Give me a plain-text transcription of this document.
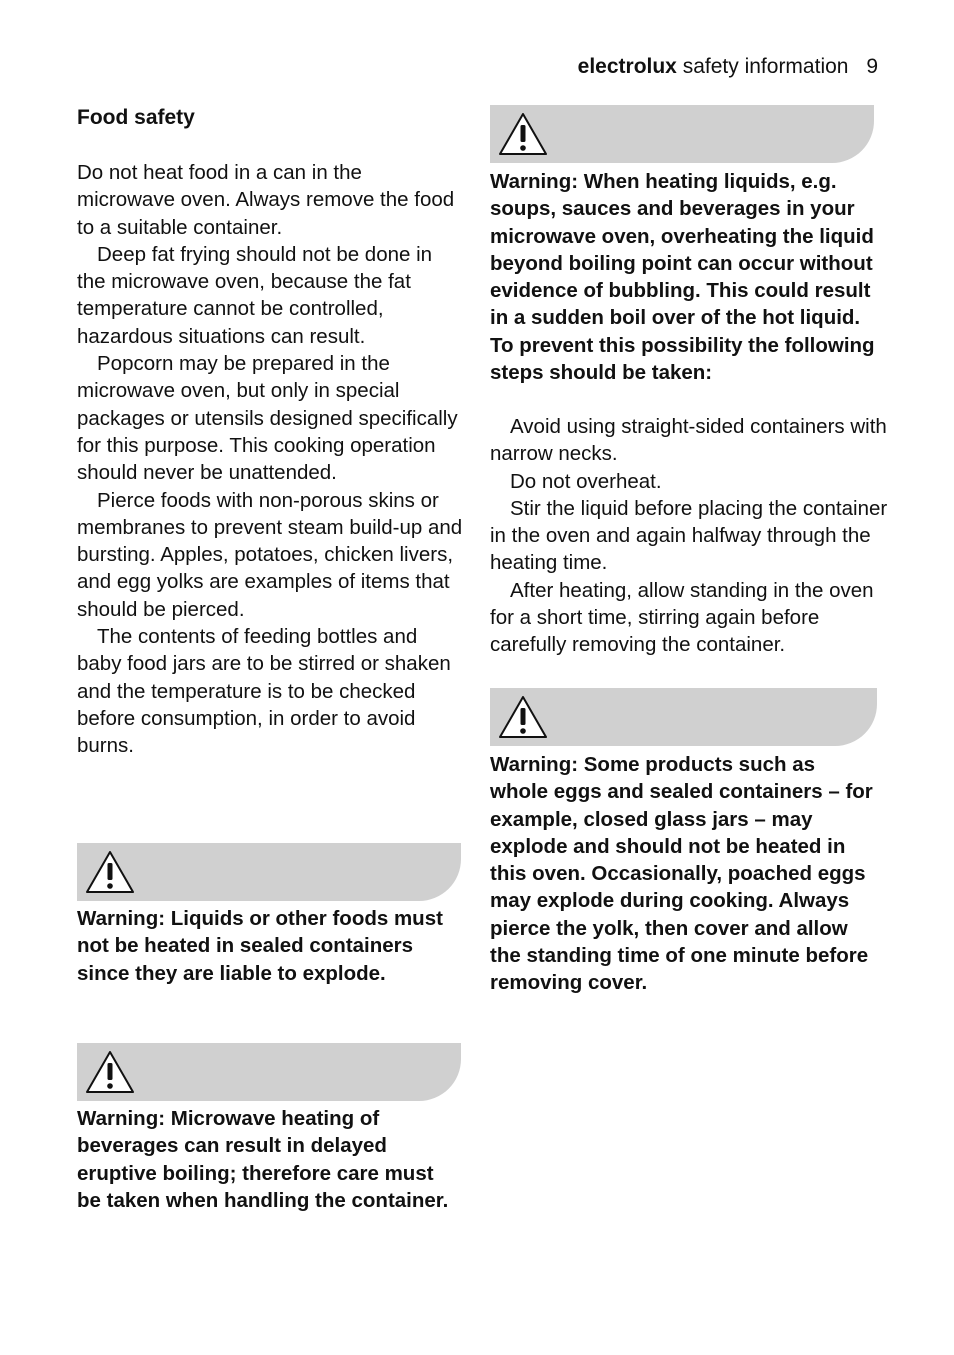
electrolux safety information 9
Food safety

Do not heat food in a can in the microwave oven. Always remove the food to a suitable container.

Deep fat frying should not be done in the microwave oven, because the fat temperature cannot be controlled, hazardous situations can result.

Popcorn may be prepared in the microwave oven, but only in special packages or utensils designed specifically for this purpose. This cooking operation should never be unattended.

Pierce foods with non-porous skins or membranes to prevent steam build-up and bursting. Apples, potatoes, chicken livers, and egg yolks are examples of items that should be pierced.

The contents of feeding bottles and baby food jars are to be stirred or shaken and the temperature is to be checked before consumption, in order to avoid burns.

Warning: Liquids or other foods must not be heated in sealed containers since they are liable to explode.

Warning: Microwave heating of beverages can result in delayed eruptive boiling; therefore care must be taken when handling the container.

Warning: When heating liquids, e.g. soups, sauces and beverages in your microwave oven, overheating the liquid beyond boiling point can occur without evidence of bubbling. This could result in a sudden boil over of the hot liquid. To prevent this possibility the following steps should be taken:

Avoid using straight-sided containers with narrow necks.

Do not overheat.

Stir the liquid before placing the container in the oven and again halfway through the heating time.

After heating, allow standing in the oven for a short time, stirring again before carefully removing the container.

Warning: Some products such as whole eggs and sealed containers – for example, closed glass jars – may explode and should not be heated in this oven. Occasionally, poached eggs may explode during cooking. Always pierce the yolk, then cover and allow the standing time of one minute before removing cover.
